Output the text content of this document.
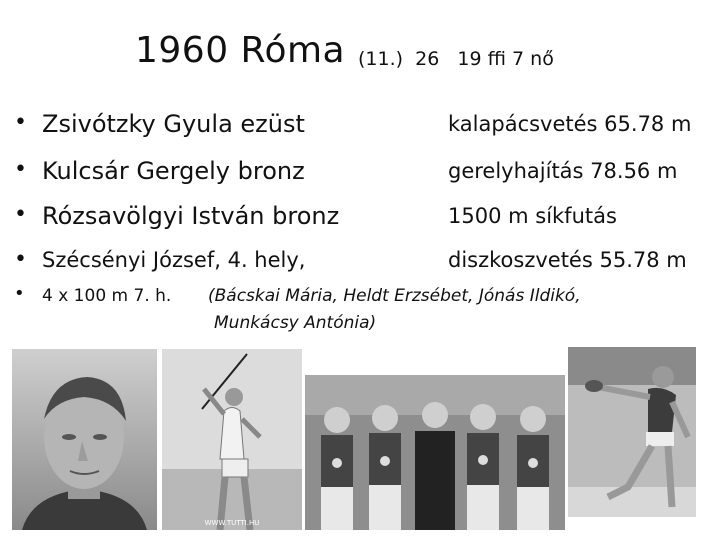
1960 Róma (11.)  26   19 ffi 7 nő
• Zsivótzky Gyula ezüst	kalapácsvetés 65.78 m
• Kulcsár Gergely bronz	gerelyhajítás 78.56 m
• Rózsavölgyi István bronz	1500 m síkfutás
• Szécsényi József, 4. hely,	diszkoszvetés 55.78 m
• 4 x 100 m 7. h. (Bácskai Mária, Heldt Erzsébet, Jónás Ildikó,
Munkácsy Antónia)
WWW.TUTTI.HU
